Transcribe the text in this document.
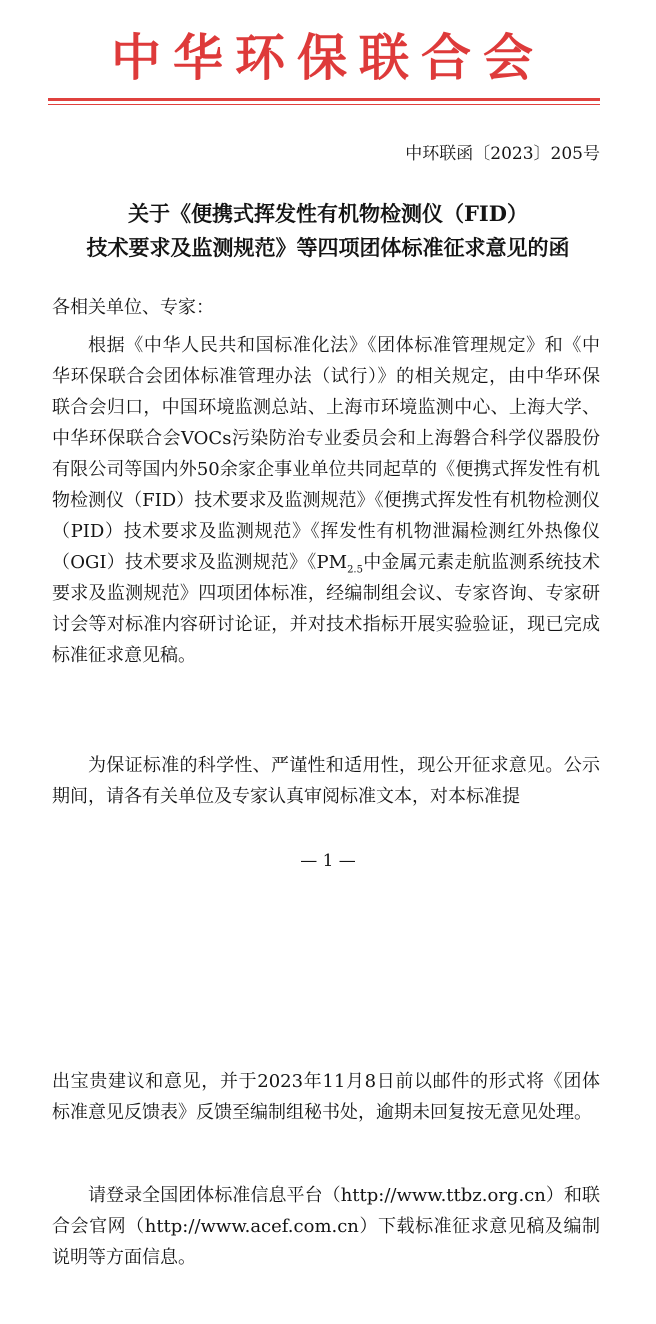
中华环保联合会
中环联函〔2023〕205号
关于《便携式挥发性有机物检测仪（FID）
技术要求及监测规范》等四项团体标准征求意见的函
各相关单位、专家：

根据《中华人民共和国标准化法》《团体标准管理规定》和《中华环保联合会团体标准管理办法（试行）》的相关规定，由中华环保联合会归口，中国环境监测总站、上海市环境监测中心、上海大学、中华环保联合会VOCs污染防治专业委员会和上海磐合科学仪器股份有限公司等国内外50余家企事业单位共同起草的《便携式挥发性有机物检测仪（FID）技术要求及监测规范》《便携式挥发性有机物检测仪（PID）技术要求及监测规范》《挥发性有机物泄漏检测红外热像仪（OGI）技术要求及监测规范》《$PM_{2.5}$中金属元素走航监测系统技术要求及监测规范》四项团体标准，经编制组会议、专家咨询、专家研讨会等对标准内容研讨论证，并对技术指标开展实验验证，现已完成标准征求意见稿。

为保证标准的科学性、严谨性和适用性，现公开征求意见。公示期间，请各有关单位及专家认真审阅标准文本，对本标准提

— 1 —

出宝贵建议和意见，并于2023年11月8日前以邮件的形式将《团体标准意见反馈表》反馈至编制组秘书处，逾期未回复按无意见处理。

请登录全国团体标准信息平台（http://www.ttbz.org.cn）和联合会官网（http://www.acef.com.cn）下载标准征求意见稿及编制说明等方面信息。
